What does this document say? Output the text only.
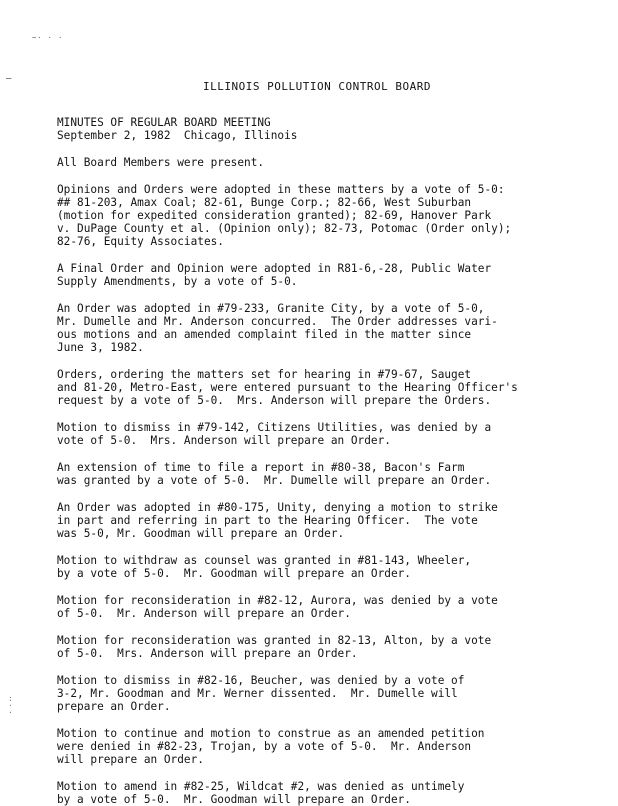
~· · ·
–
: · ·
ILLINOIS POLLUTION CONTROL BOARD
MINUTES OF REGULAR BOARD MEETING
September 2, 1982  Chicago, Illinois
All Board Members were present.
Opinions and Orders were adopted in these matters by a vote of 5-0:
## 81-203, Amax Coal; 82-61, Bunge Corp.; 82-66, West Suburban
(motion for expedited consideration granted); 82-69, Hanover Park
v. DuPage County et al. (Opinion only); 82-73, Potomac (Order only);
82-76, Equity Associates.
A Final Order and Opinion were adopted in R81-6,-28, Public Water
Supply Amendments, by a vote of 5-0.
An Order was adopted in #79-233, Granite City, by a vote of 5-0,
Mr. Dumelle and Mr. Anderson concurred.  The Order addresses vari-
ous motions and an amended complaint filed in the matter since
June 3, 1982.
Orders, ordering the matters set for hearing in #79-67, Sauget
and 81-20, Metro-East, were entered pursuant to the Hearing Officer's
request by a vote of 5-0.  Mrs. Anderson will prepare the Orders.
Motion to dismiss in #79-142, Citizens Utilities, was denied by a
vote of 5-0.  Mrs. Anderson will prepare an Order.
An extension of time to file a report in #80-38, Bacon's Farm
was granted by a vote of 5-0.  Mr. Dumelle will prepare an Order.
An Order was adopted in #80-175, Unity, denying a motion to strike
in part and referring in part to the Hearing Officer.  The vote
was 5-0, Mr. Goodman will prepare an Order.
Motion to withdraw as counsel was granted in #81-143, Wheeler,
by a vote of 5-0.  Mr. Goodman will prepare an Order.
Motion for reconsideration in #82-12, Aurora, was denied by a vote
of 5-0.  Mr. Anderson will prepare an Order.
Motion for reconsideration was granted in 82-13, Alton, by a vote
of 5-0.  Mrs. Anderson will prepare an Order.
Motion to dismiss in #82-16, Beucher, was denied by a vote of
3-2, Mr. Goodman and Mr. Werner dissented.  Mr. Dumelle will
prepare an Order.
Motion to continue and motion to construe as an amended petition
were denied in #82-23, Trojan, by a vote of 5-0.  Mr. Anderson
will prepare an Order.
Motion to amend in #82-25, Wildcat #2, was denied as untimely
by a vote of 5-0.  Mr. Goodman will prepare an Order.
